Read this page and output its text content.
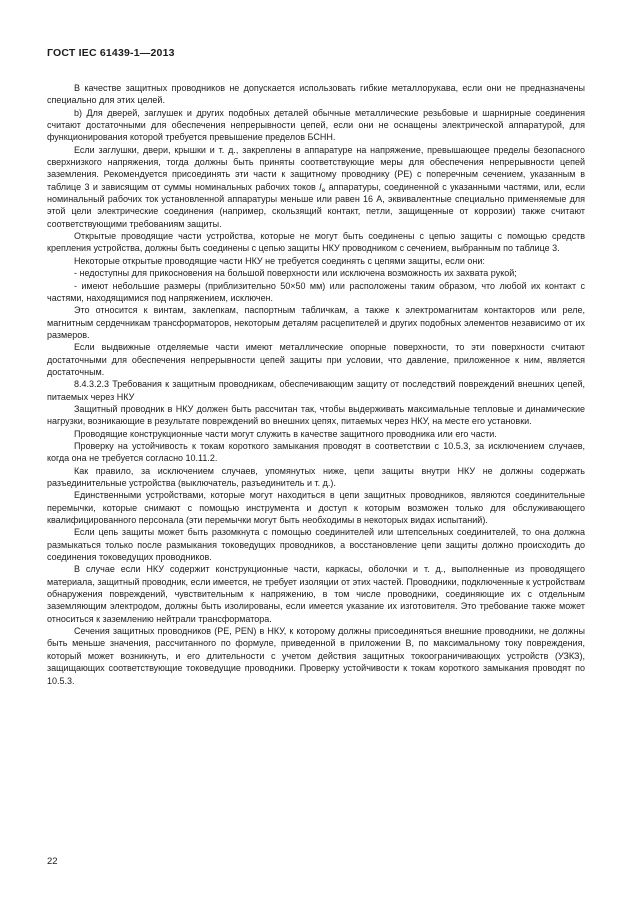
ГОСТ IEC 61439-1—2013

В качестве защитных проводников не допускается использовать гибкие металлорукава, если они не предназначены специально для этих целей.

b) Для дверей, заглушек и других подобных деталей обычные металлические резьбовые и шарнирные соединения считают достаточными для обеспечения непрерывности цепей, если они не оснащены электрической аппаратурой, для функционирования которой требуется превышение пределов БСНН.

Если заглушки, двери, крышки и т. д., закреплены в аппаратуре на напряжение, превышающее пределы безопасного сверхнизкого напряжения, тогда должны быть приняты соответствующие меры для обеспечения непрерывности цепей заземления. Рекомендуется присоединять эти части к защитному проводнику (PE) с поперечным сечением, указанным в таблице 3 и зависящим от суммы номинальных рабочих токов $I_e$ аппаратуры, соединенной с указанными частями, или, если номинальный рабочих ток установленной аппаратуры меньше или равен 16 А, эквивалентные специально применяемые для этой цели электрические соединения (например, скользящий контакт, петли, защищенные от коррозии) также считают соответствующими требованиям защиты.

Открытые проводящие части устройства, которые не могут быть соединены с цепью защиты с помощью средств крепления устройства, должны быть соединены с цепью защиты НКУ проводником с сечением, выбранным по таблице 3.

Некоторые открытые проводящие части НКУ не требуется соединять с цепями защиты, если они:

- недоступны для прикосновения на большой поверхности или исключена возможность их захвата рукой;

- имеют небольшие размеры (приблизительно 50×50 мм) или расположены таким образом, что любой их контакт с частями, находящимися под напряжением, исключен.

Это относится к винтам, заклепкам, паспортным табличкам, а также к электромагнитам контакторов или реле, магнитным сердечникам трансформаторов, некоторым деталям расцепителей и других подобных элементов независимо от их размеров.

Если выдвижные отделяемые части имеют металлические опорные поверхности, то эти поверхности считают достаточными для обеспечения непрерывности цепей защиты при условии, что давление, приложенное к ним, является достаточным.

8.4.3.2.3 Требования к защитным проводникам, обеспечивающим защиту от последствий повреждений внешних цепей, питаемых через НКУ

Защитный проводник в НКУ должен быть рассчитан так, чтобы выдерживать максимальные тепловые и динамические нагрузки, возникающие в результате повреждений во внешних цепях, питаемых через НКУ, на месте его установки.

Проводящие конструкционные части могут служить в качестве защитного проводника или его части.

Проверку на устойчивость к токам короткого замыкания проводят в соответствии с 10.5.3, за исключением случаев, когда она не требуется согласно 10.11.2.

Как правило, за исключением случаев, упомянутых ниже, цепи защиты внутри НКУ не должны содержать разъединительные устройства (выключатель, разъединитель и т. д.).

Единственными устройствами, которые могут находиться в цепи защитных проводников, являются соединительные перемычки, которые снимают с помощью инструмента и доступ к которым возможен только для обслуживающего квалифицированного персонала (эти перемычки могут быть необходимы в некоторых видах испытаний).

Если цепь защиты может быть разомкнута с помощью соединителей или штепсельных соединителей, то она должна размыкаться только после размыкания токоведущих проводников, а восстановление цепи защиты должно происходить до соединения токоведущих проводников.

В случае если НКУ содержит конструкционные части, каркасы, оболочки и т. д., выполненные из проводящего материала, защитный проводник, если имеется, не требует изоляции от этих частей. Проводники, подключенные к устройствам обнаружения повреждений, чувствительным к напряжению, в том числе проводники, соединяющие их с отдельным заземляющим электродом, должны быть изолированы, если имеется указание их изготовителя. Это требование также может относиться к заземлению нейтрали трансформатора.

Сечения защитных проводников (PE, PEN) в НКУ, к которому должны присоединяться внешние проводники, не должны быть меньше значения, рассчитанного по формуле, приведенной в приложении В, по максимальному току повреждения, который может возникнуть, и его длительности с учетом действия защитных токоограничивающих устройств (УЗКЗ), защищающих соответствующие токоведущие проводники. Проверку устойчивости к токам короткого замыкания проводят по 10.5.3.

22
